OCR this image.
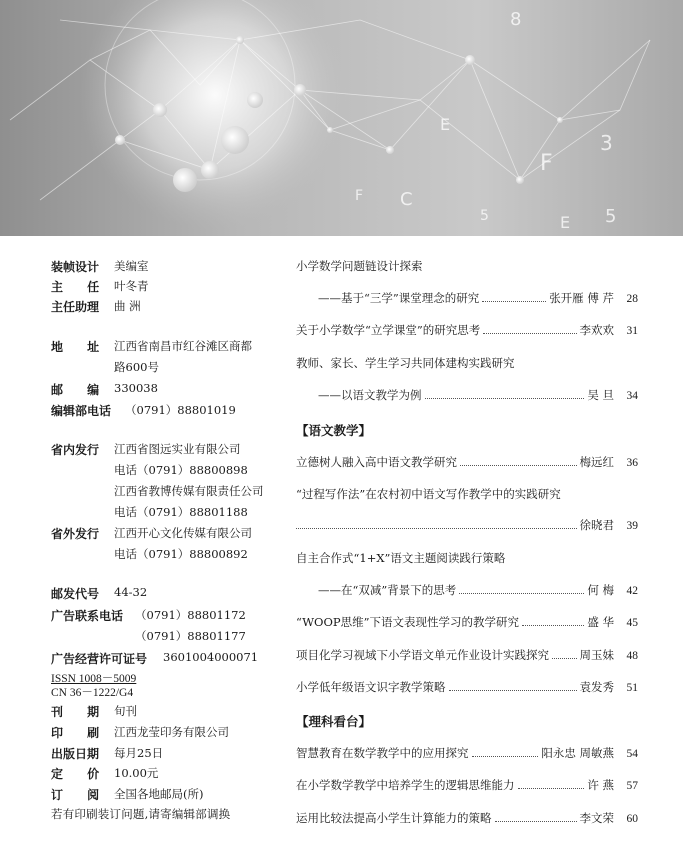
8
E
3
5
F
C
E
F
5
装帧设计 美编室
主 任 叶冬青
主任助理 曲 洲
地 址 江西省南昌市红谷滩区商都
路600号
邮 编 330038
编辑部电话 （0791）88801019
省内发行 江西省图远实业有限公司
电话（0791）88800898
江西省教博传媒有限责任公司
电话（0791）88801188
省外发行 江西开心文化传媒有限公司
电话（0791）88800892
邮发代号 44-32
广告联系电话 （0791）88801172
（0791）88801177
广告经营许可证号 3601004000071
ISSN 1008－5009
CN 36－1222/G4
刊 期 旬刊
印 刷 江西龙莹印务有限公司
出版日期 每月25日
定 价 10.00元
订 阅 全国各地邮局(所)
若有印刷装订问题,请寄编辑部调换
小学数学问题链设计探索
——基于“三学”课堂理念的研究	张开雁 傅 芹	28
关于小学数学“立学课堂”的研究思考	李欢欢	31
教师、家长、学生学习共同体建构实践研究
——以语文教学为例	吴 旦	34
【语文教学】
立德树人融入高中语文教学研究	梅远红	36
“过程写作法”在农村初中语文写作教学中的实践研究
徐晓君	39
自主合作式“1+X”语文主题阅读践行策略
——在“双减”背景下的思考	何 梅	42
“WOOP思维”下语文表现性学习的教学研究	盛 华	45
项目化学习视域下小学语文单元作业设计实践探究	周玉妹	48
小学低年级语文识字教学策略	袁发秀	51
【理科看台】
智慧教育在数学教学中的应用探究	阳永忠 周敏燕	54
在小学数学教学中培养学生的逻辑思维能力	许 燕	57
运用比较法提高小学生计算能力的策略	李文荣	60
